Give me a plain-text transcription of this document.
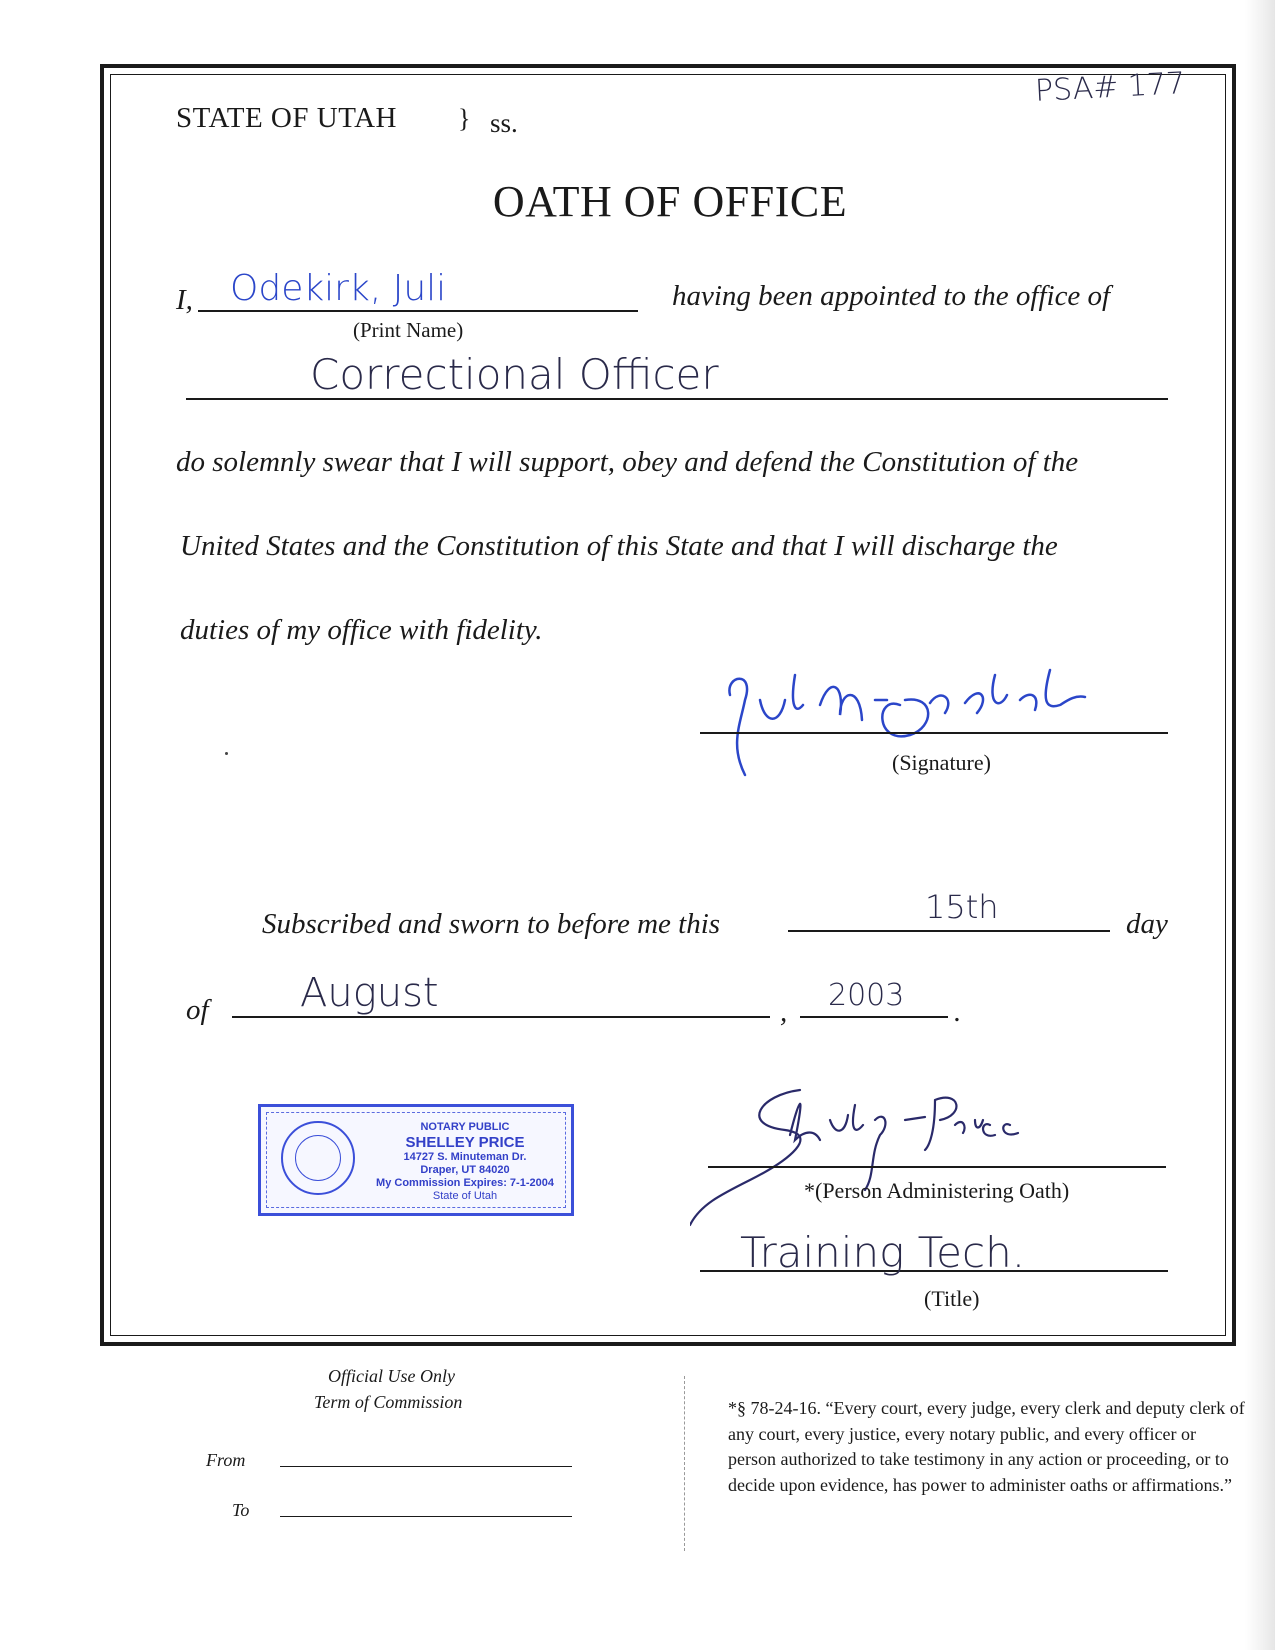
PSA# 177
STATE OF UTAH } ss.
OATH OF OFFICE
I, Odekirk, Juli
(Print Name)
having been appointed to the office of
Correctional Officer
do solemnly swear that I will support, obey and defend the Constitution of the
United States and the Constitution of this State and that I will discharge the
duties of my office with fidelity.
(Signature)
Subscribed and sworn to before me this	15th	day
of August	, 2003 .
NOTARY PUBLIC
SHELLEY PRICE
14727 S. Minuteman Dr.
Draper, UT 84020
My Commission Expires: 7-1-2004
State of Utah	*(Person Administering Oath)
Training Tech.
(Title)
Official Use Only
Term of Commission
From
To
*§ 78-24-16. “Every court, every judge, every clerk and deputy clerk of any court, every justice, every notary public, and every officer or person authorized to take testimony in any action or proceeding, or to decide upon evidence, has power to administer oaths or affirmations.”
